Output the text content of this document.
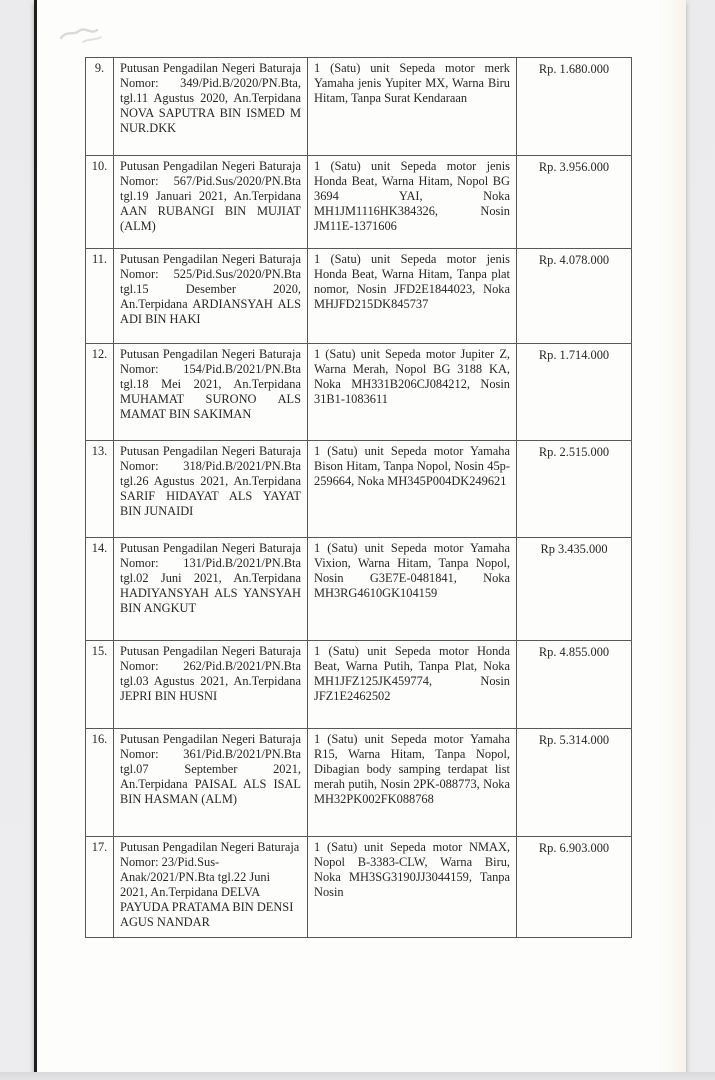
9.	Putusan Pengadilan Negeri Baturaja Nomor: 349/Pid.B/2020/PN.Bta, tgl.11 Agustus 2020, An.Terpidana NOVA SAPUTRA BIN ISMED M NUR.DKK	1 (Satu) unit Sepeda motor merk Yamaha jenis Yupiter MX, Warna Biru Hitam, Tanpa Surat Kendaraan	Rp. 1.680.000
10.	Putusan Pengadilan Negeri Baturaja Nomor: 567/Pid.Sus/2020/PN.Bta tgl.19 Januari 2021, An.Terpidana AAN RUBANGI BIN MUJIAT (ALM)	1 (Satu) unit Sepeda motor jenis Honda Beat, Warna Hitam, Nopol BG 3694 YAI, Noka MH1JM1116HK384326, Nosin JM11E-1371606	Rp. 3.956.000
11.	Putusan Pengadilan Negeri Baturaja Nomor: 525/Pid.Sus/2020/PN.Bta tgl.15 Desember 2020, An.Terpidana ARDIANSYAH ALS ADI BIN HAKI	1 (Satu) unit Sepeda motor jenis Honda Beat, Warna Hitam, Tanpa plat nomor, Nosin JFD2E1844023, Noka MHJFD215DK845737	Rp. 4.078.000
12.	Putusan Pengadilan Negeri Baturaja Nomor: 154/Pid.B/2021/PN.Bta tgl.18 Mei 2021, An.Terpidana MUHAMAT SURONO ALS MAMAT BIN SAKIMAN	1 (Satu) unit Sepeda motor Jupiter Z, Warna Merah, Nopol BG 3188 KA, Noka MH331B206CJ084212, Nosin 31B1-1083611	Rp. 1.714.000
13.	Putusan Pengadilan Negeri Baturaja Nomor: 318/Pid.B/2021/PN.Bta tgl.26 Agustus 2021, An.Terpidana SARIF HIDAYAT ALS YAYAT BIN JUNAIDI	1 (Satu) unit Sepeda motor Yamaha Bison Hitam, Tanpa Nopol, Nosin 45p-259664, Noka MH345P004DK249621	Rp. 2.515.000
14.	Putusan Pengadilan Negeri Baturaja Nomor: 131/Pid.B/2021/PN.Bta tgl.02 Juni 2021, An.Terpidana HADIYANSYAH ALS YANSYAH BIN ANGKUT	1 (Satu) unit Sepeda motor Yamaha Vixion, Warna Hitam, Tanpa Nopol, Nosin G3E7E-0481841, Noka MH3RG4610GK104159	Rp 3.435.000
15.	Putusan Pengadilan Negeri Baturaja Nomor: 262/Pid.B/2021/PN.Bta tgl.03 Agustus 2021, An.Terpidana JEPRI BIN HUSNI	1 (Satu) unit Sepeda motor Honda Beat, Warna Putih, Tanpa Plat, Noka MH1JFZ125JK459774, Nosin JFZ1E2462502	Rp. 4.855.000
16.	Putusan Pengadilan Negeri Baturaja Nomor: 361/Pid.B/2021/PN.Bta tgl.07 September 2021, An.Terpidana PAISAL ALS ISAL BIN HASMAN (ALM)	1 (Satu) unit Sepeda motor Yamaha R15, Warna Hitam, Tanpa Nopol, Dibagian body samping terdapat list merah putih, Nosin 2PK-088773, Noka MH32PK002FK088768	Rp. 5.314.000
17.	Putusan Pengadilan Negeri Baturaja Nomor: 23/Pid.Sus-Anak/2021/PN.Bta tgl.22 Juni 2021, An.Terpidana DELVA PAYUDA PRATAMA BIN DENSI AGUS NANDAR	1 (Satu) unit Sepeda motor NMAX, Nopol B-3383-CLW, Warna Biru, Noka MH3SG3190JJ3044159, Tanpa Nosin	Rp. 6.903.000
